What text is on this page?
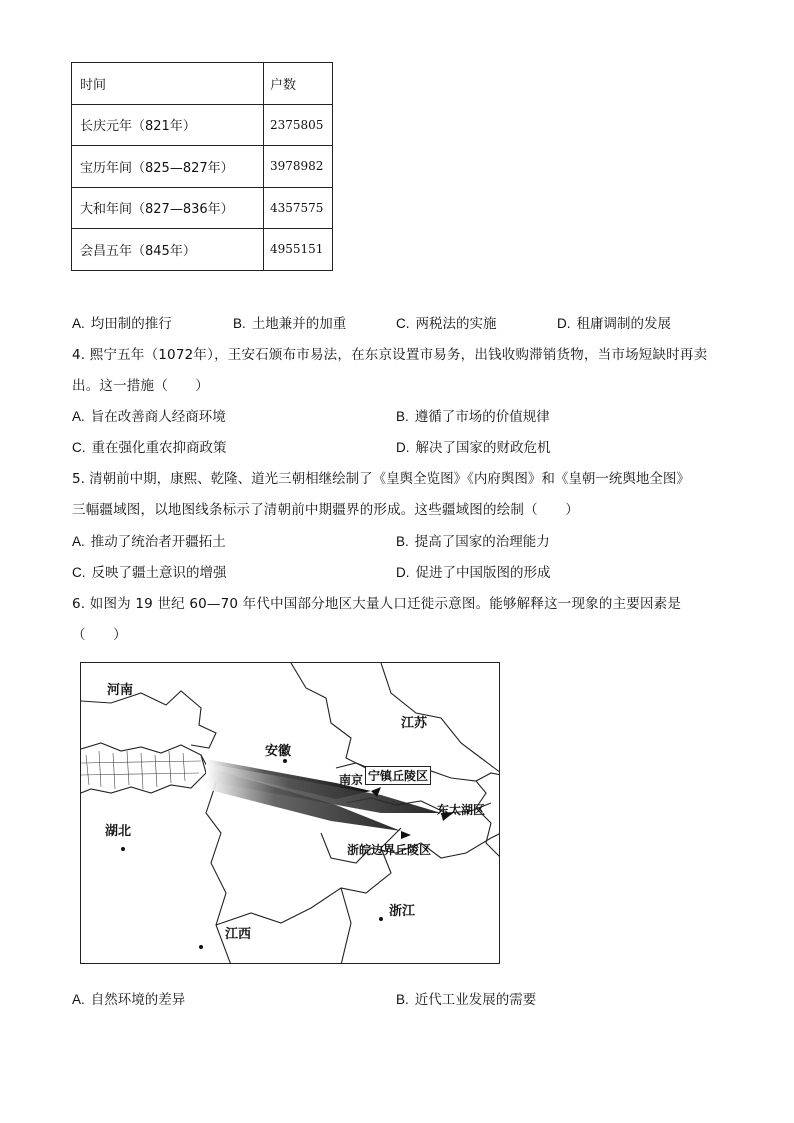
时间	户数
长庆元年（821年）	2375805
宝历年间（825—827年）	3978982
大和年间（827—836年）	4357575
会昌五年（845年）	4955151
A. 均田制的推行	B. 土地兼并的加重	C. 两税法的实施	D. 租庸调制的发展
4. 熙宁五年（1072年），王安石颁布市易法，在东京设置市易务，出钱收购滞销货物，当市场短缺时再卖
出。这一措施（　　）
A. 旨在改善商人经商环境	B. 遵循了市场的价值规律
C. 重在强化重农抑商政策	D. 解决了国家的财政危机
5. 清朝前中期，康熙、乾隆、道光三朝相继绘制了《皇舆全览图》《内府舆图》和《皇朝一统舆地全图》
三幅疆域图，以地图线条标示了清朝前中期疆界的形成。这些疆域图的绘制（　　）
A. 推动了统治者开疆拓土	B. 提高了国家的治理能力
C. 反映了疆土意识的增强	D. 促进了中国版图的形成
6. 如图为 19 世纪 60—70 年代中国部分地区大量人口迁徙示意图。能够解释这一现象的主要因素是
（　　）
河南
江苏
安徽
南京 宁镇丘陵区
东太湖区
湖北
浙皖边界丘陵区
浙江
江西
A. 自然环境的差异	B. 近代工业发展的需要
